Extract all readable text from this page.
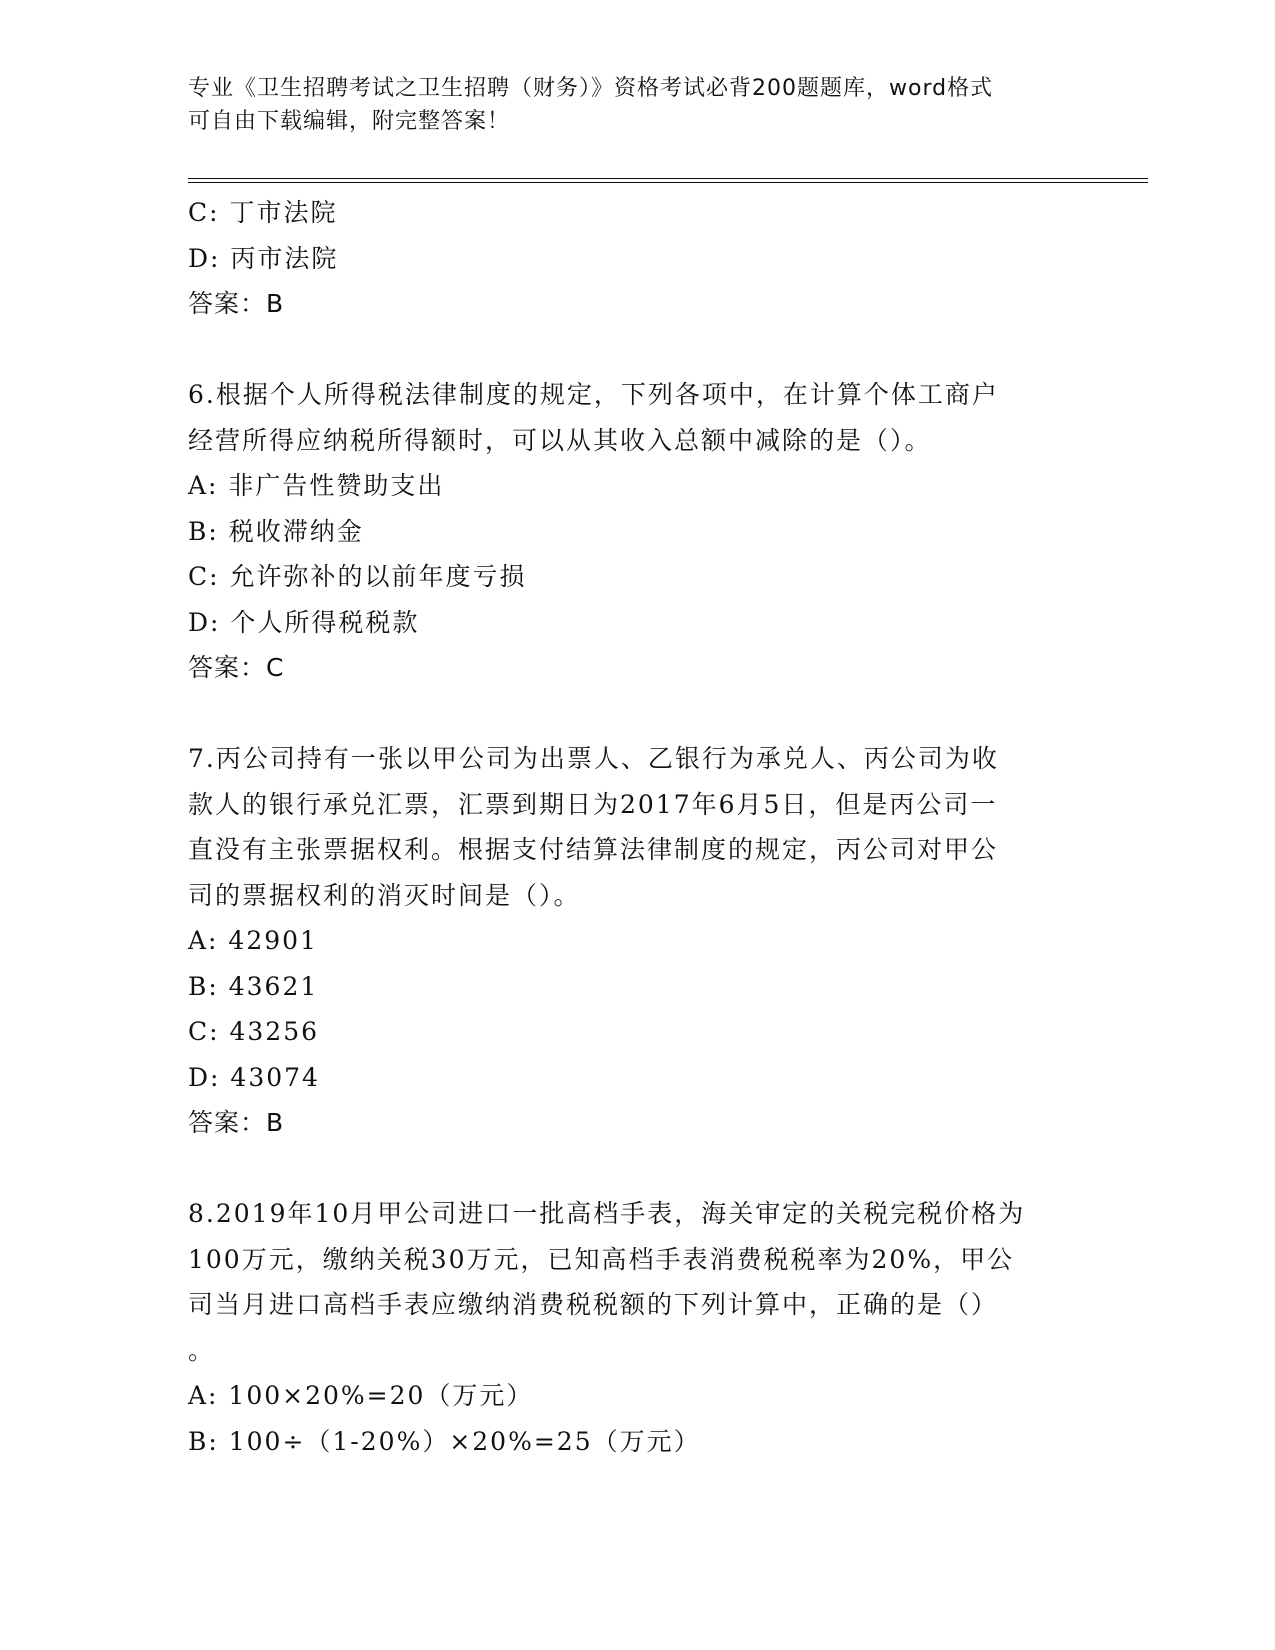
专业《卫生招聘考试之卫生招聘（财务）》资格考试必背200题题库，word格式
可自由下载编辑，附完整答案！
C: 丁市法院
D: 丙市法院
答案：B
6.根据个人所得税法律制度的规定，下列各项中，在计算个体工商户
经营所得应纳税所得额时，可以从其收入总额中减除的是（）。
A: 非广告性赞助支出
B: 税收滞纳金
C: 允许弥补的以前年度亏损
D: 个人所得税税款
答案：C
7.丙公司持有一张以甲公司为出票人、乙银行为承兑人、丙公司为收
款人的银行承兑汇票，汇票到期日为2017年6月5日，但是丙公司一
直没有主张票据权利。根据支付结算法律制度的规定，丙公司对甲公
司的票据权利的消灭时间是（）。
A: 42901
B: 43621
C: 43256
D: 43074
答案：B
8.2019年10月甲公司进口一批高档手表，海关审定的关税完税价格为
100万元，缴纳关税30万元，已知高档手表消费税税率为20%，甲公
司当月进口高档手表应缴纳消费税税额的下列计算中，正确的是（）
。
A: 100×20%=20（万元）
B: 100÷（1-20%）×20%=25（万元）
